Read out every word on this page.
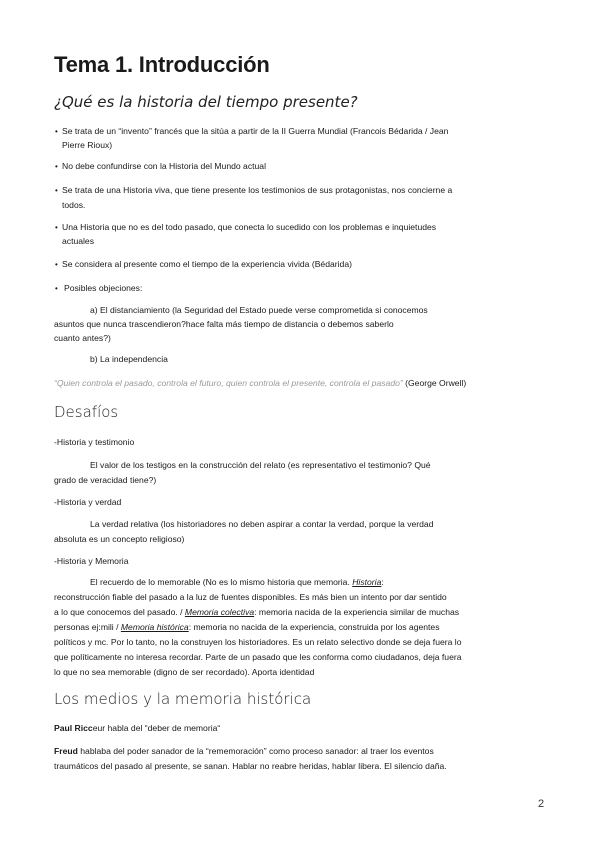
Tema 1. Introducción
¿Qué es la historia del tiempo presente?
• Se trata de un “invento” francés que la sitúa a partir de la II Guerra Mundial (Francois Bédarida / Jean
Pierre Rioux)
• No debe confundirse con la Historia del Mundo actual
• Se trata de una Historia viva, que tiene presente los testimonios de sus protagonistas, nos concierne a
todos.
• Una Historia que no es del todo pasado, que conecta lo sucedido con los problemas e inquietudes
actuales
• Se considera al presente como el tiempo de la experiencia vivida (Bédarida)
• Posibles objeciones:
a) El distanciamiento (la Seguridad del Estado puede verse comprometida si conocemos
asuntos que nunca trascendieron?hace falta más tiempo de distancia o debemos saberlo
cuanto antes?)
b) La independencia
“Quien controla el pasado, controla el futuro, quien controla el presente, controla el pasado” (George Orwell)
Desafíos
-Historia y testimonio
El valor de los testigos en la construcción del relato (es representativo el testimonio? Qué
grado de veracidad tiene?)
-Historia y verdad
La verdad relativa (los historiadores no deben aspirar a contar la verdad, porque la verdad
absoluta es un concepto religioso)
-Historia y Memoria
El recuerdo de lo memorable (No es lo mismo historia que memoria. Historia:
reconstrucción fiable del pasado a la luz de fuentes disponibles. Es más bien un intento por dar sentido
a lo que conocemos del pasado. / Memoria colectiva: memoria nacida de la experiencia similar de muchas
personas ej:mili / Memoria histórica: memoria no nacida de la experiencia, construida por los agentes
políticos y mc. Por lo tanto, no la construyen los historiadores. Es un relato selectivo donde se deja fuera lo
que políticamente no interesa recordar. Parte de un pasado que les conforma como ciudadanos, deja fuera
lo que no sea memorable (digno de ser recordado). Aporta identidad
Los medios y la memoria histórica
Paul Ricceur habla del “deber de memoria“
Freud hablaba del poder sanador de la “rememoración” como proceso sanador: al traer los eventos
traumáticos del pasado al presente, se sanan. Hablar no reabre heridas, hablar libera. El silencio daña.
2
